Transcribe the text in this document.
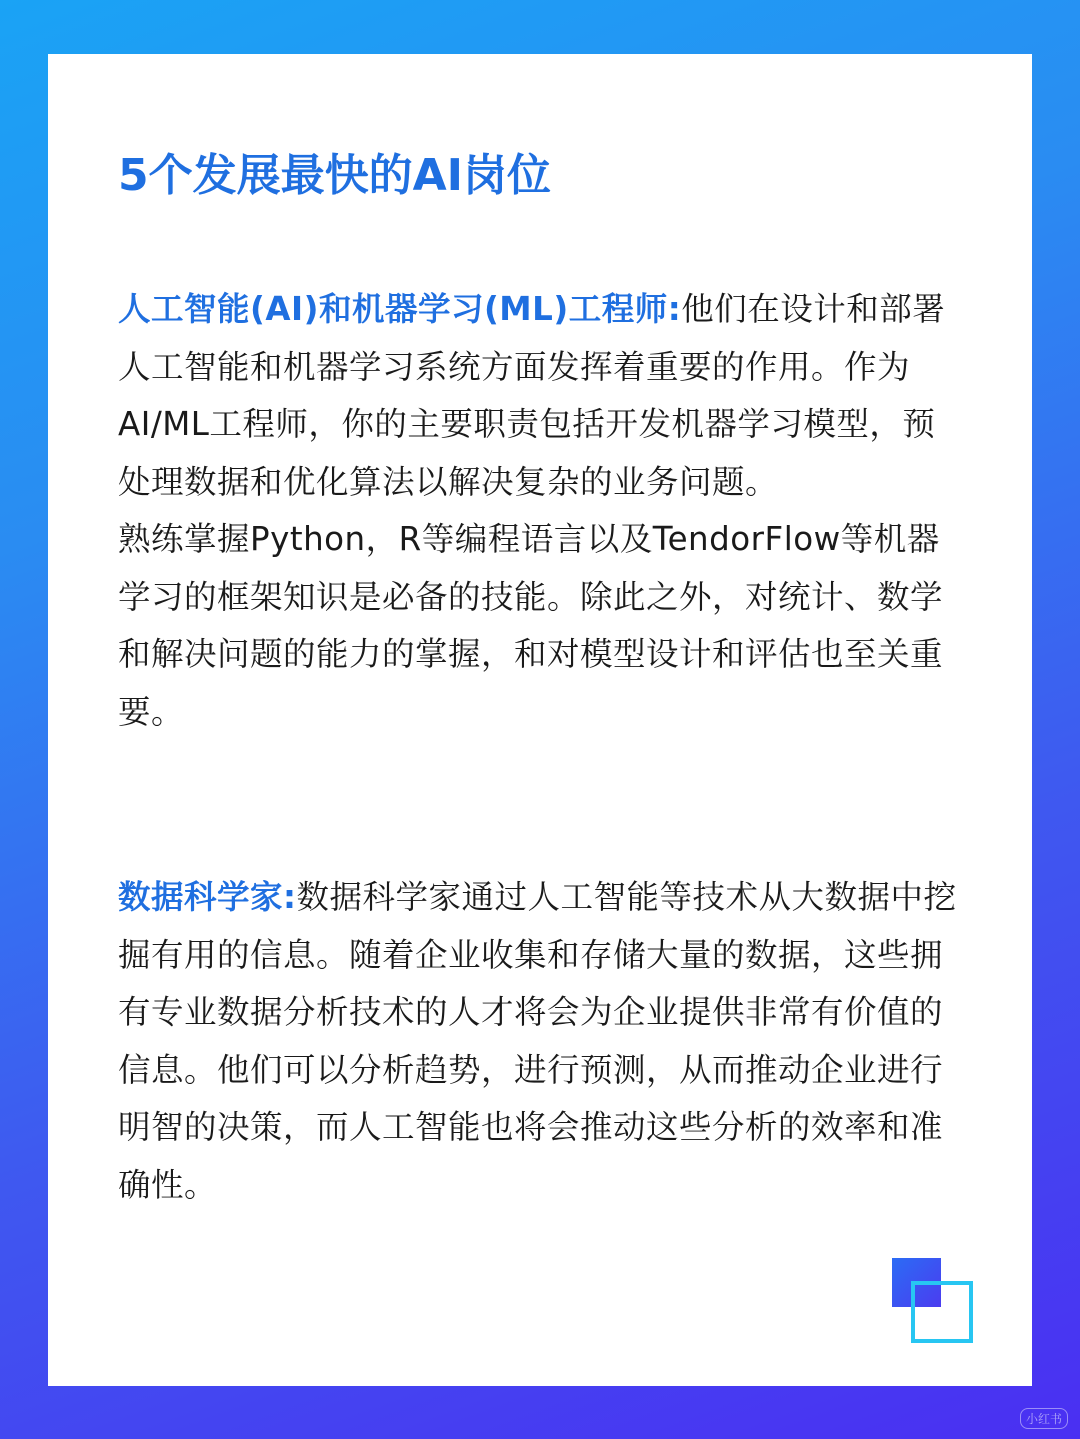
5个发展最快的AI岗位

人工智能(AI)和机器学习(ML)工程师:他们在设计和部署人工智能和机器学习系统方面发挥着重要的作用。作为AI/ML工程师，你的主要职责包括开发机器学习模型，预处理数据和优化算法以解决复杂的业务问题。

熟练掌握Python，R等编程语言以及TendorFlow等机器学习的框架知识是必备的技能。除此之外，对统计、数学和解决问题的能力的掌握，和对模型设计和评估也至关重要。

数据科学家:数据科学家通过人工智能等技术从大数据中挖掘有用的信息。随着企业收集和存储大量的数据，这些拥有专业数据分析技术的人才将会为企业提供非常有价值的信息。他们可以分析趋势，进行预测，从而推动企业进行明智的决策，而人工智能也将会推动这些分析的效率和准确性。

小红书
